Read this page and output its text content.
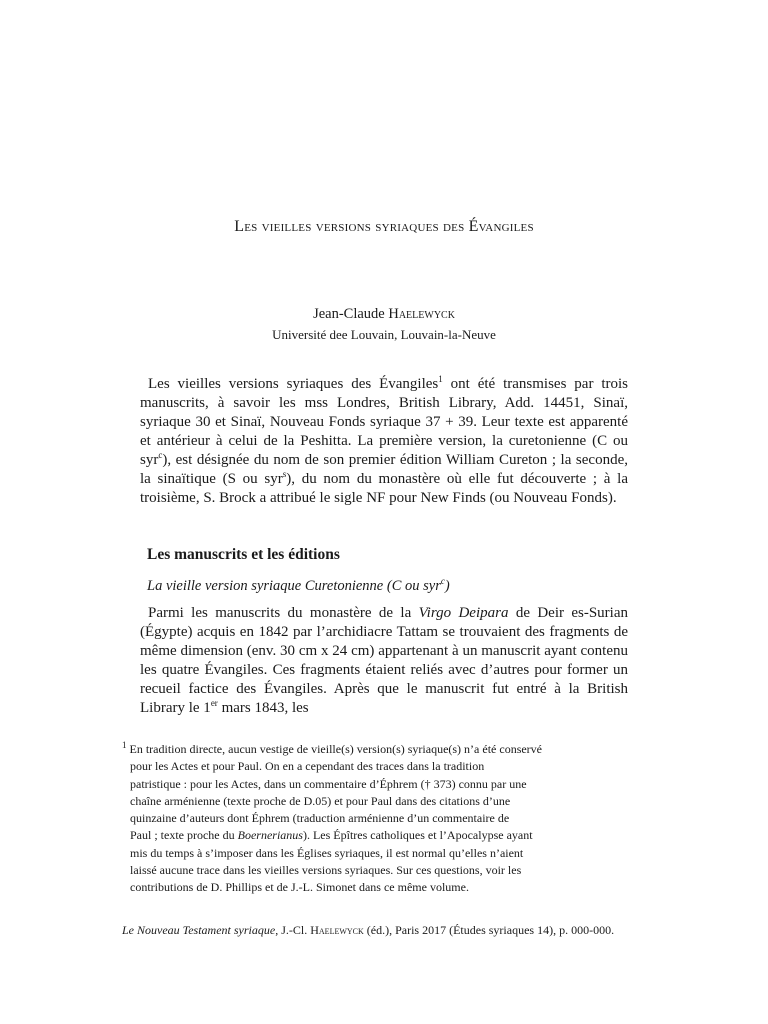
Les vieilles versions syriaques des Évangiles
Jean-Claude Haelewyck
Université dee Louvain, Louvain-la-Neuve
Les vieilles versions syriaques des Évangiles$^1$ ont été transmises par trois manuscrits, à savoir les mss Londres, British Library, Add. 14451, Sinaï, syriaque 30 et Sinaï, Nouveau Fonds syriaque 37 + 39. Leur texte est apparenté et antérieur à celui de la Peshitta. La première version, la curetonienne (C ou syr$^c$), est désignée du nom de son premier édition William Cureton ; la seconde, la sinaïtique (S ou syr$^s$), du nom du monastère où elle fut découverte ; à la troisième, S. Brock a attribué le sigle NF pour New Finds (ou Nouveau Fonds).
Les manuscrits et les éditions
La vieille version syriaque Curetonienne (C ou syr$^c$)
Parmi les manuscrits du monastère de la Virgo Deipara de Deir es-Surian (Égypte) acquis en 1842 par l’archidiacre Tattam se trouvaient des fragments de même dimension (env. 30 cm x 24 cm) appartenant à un manuscrit ayant contenu les quatre Évangiles. Ces fragments étaient reliés avec d’autres pour former un recueil factice des Évangiles. Après que le manuscrit fut entré à la British Library le 1er mars 1843, les
$^1$ En tradition directe, aucun vestige de vieille(s) version(s) syriaque(s) n’a été conservé
pour les Actes et pour Paul. On en a cependant des traces dans la tradition
patristique : pour les Actes, dans un commentaire d’Éphrem († 373) connu par une
chaîne arménienne (texte proche de D.05) et pour Paul dans des citations d’une
quinzaine d’auteurs dont Éphrem (traduction arménienne d’un commentaire de
Paul ; texte proche du Boernerianus). Les Épîtres catholiques et l’Apocalypse ayant
mis du temps à s’imposer dans les Églises syriaques, il est normal qu’elles n’aient
laissé aucune trace dans les vieilles versions syriaques. Sur ces questions, voir les
contributions de D. Phillips et de J.-L. Simonet dans ce même volume.
Le Nouveau Testament syriaque, J.-Cl. Haelewyck (éd.), Paris 2017 (Études syriaques 14), p. 000-000.
